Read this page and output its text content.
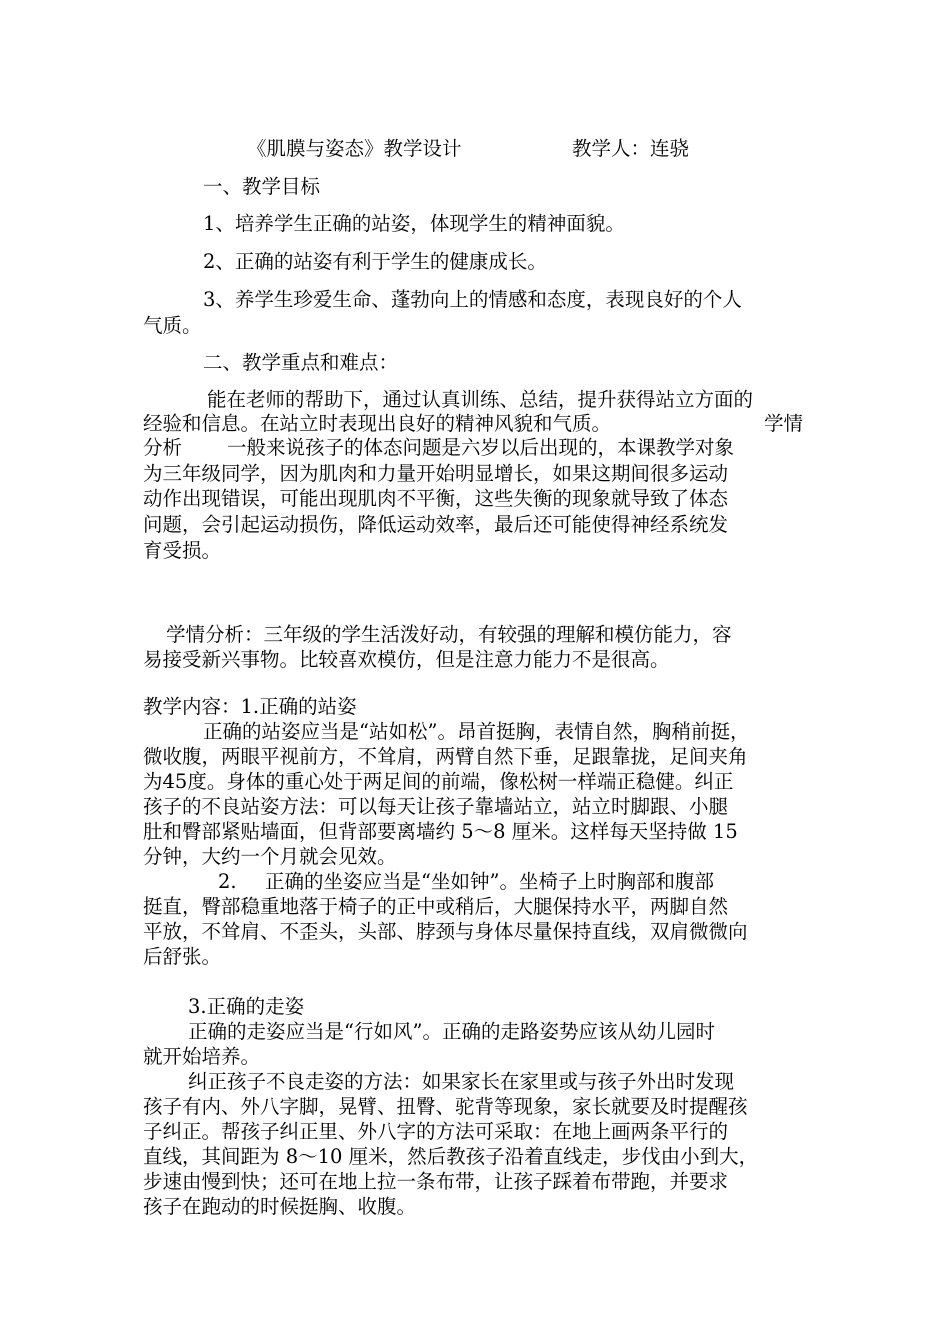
《肌膜与姿态》教学设计	教学人：连骁
一、教学目标
1、培养学生正确的站姿，体现学生的精神面貌。
2、正确的站姿有利于学生的健康成长。
3、养学生珍爱生命、蓬勃向上的情感和态度，表现良好的个人
气质。
二、教学重点和难点：
能在老师的帮助下，通过认真训练、总结，提升获得站立方面的
经验和信息。在站立时表现出良好的精神风貌和气质。	学情
分析 一般来说孩子的体态问题是六岁以后出现的，本课教学对象
为三年级同学，因为肌肉和力量开始明显增长，如果这期间很多运动
动作出现错误，可能出现肌肉不平衡，这些失衡的现象就导致了体态
问题，会引起运动损伤，降低运动效率，最后还可能使得神经系统发
育受损。
学情分析：三年级的学生活泼好动，有较强的理解和模仿能力，容
易接受新兴事物。比较喜欢模仿，但是注意力能力不是很高。
教学内容：1.正确的站姿
正确的站姿应当是“站如松”。昂首挺胸，表情自然，胸稍前挺，
微收腹，两眼平视前方，不耸肩，两臂自然下垂，足跟靠拢，足间夹角
为45度。身体的重心处于两足间的前端，像松树一样端正稳健。纠正
孩子的不良站姿方法：可以每天让孩子靠墙站立，站立时脚跟、小腿
肚和臀部紧贴墙面，但背部要离墙约 5～8 厘米。这样每天坚持做 15
分钟，大约一个月就会见效。
2. 正确的坐姿应当是“坐如钟”。坐椅子上时胸部和腹部
挺直，臀部稳重地落于椅子的正中或稍后，大腿保持水平，两脚自然
平放，不耸肩、不歪头，头部、脖颈与身体尽量保持直线，双肩微微向
后舒张。
3.正确的走姿
正确的走姿应当是“行如风”。正确的走路姿势应该从幼儿园时
就开始培养。
纠正孩子不良走姿的方法：如果家长在家里或与孩子外出时发现
孩子有内、外八字脚，晃臂、扭臀、驼背等现象，家长就要及时提醒孩
子纠正。帮孩子纠正里、外八字的方法可采取：在地上画两条平行的
直线，其间距为 8～10 厘米，然后教孩子沿着直线走，步伐由小到大，
步速由慢到快；还可在地上拉一条布带，让孩子踩着布带跑，并要求
孩子在跑动的时候挺胸、收腹。
